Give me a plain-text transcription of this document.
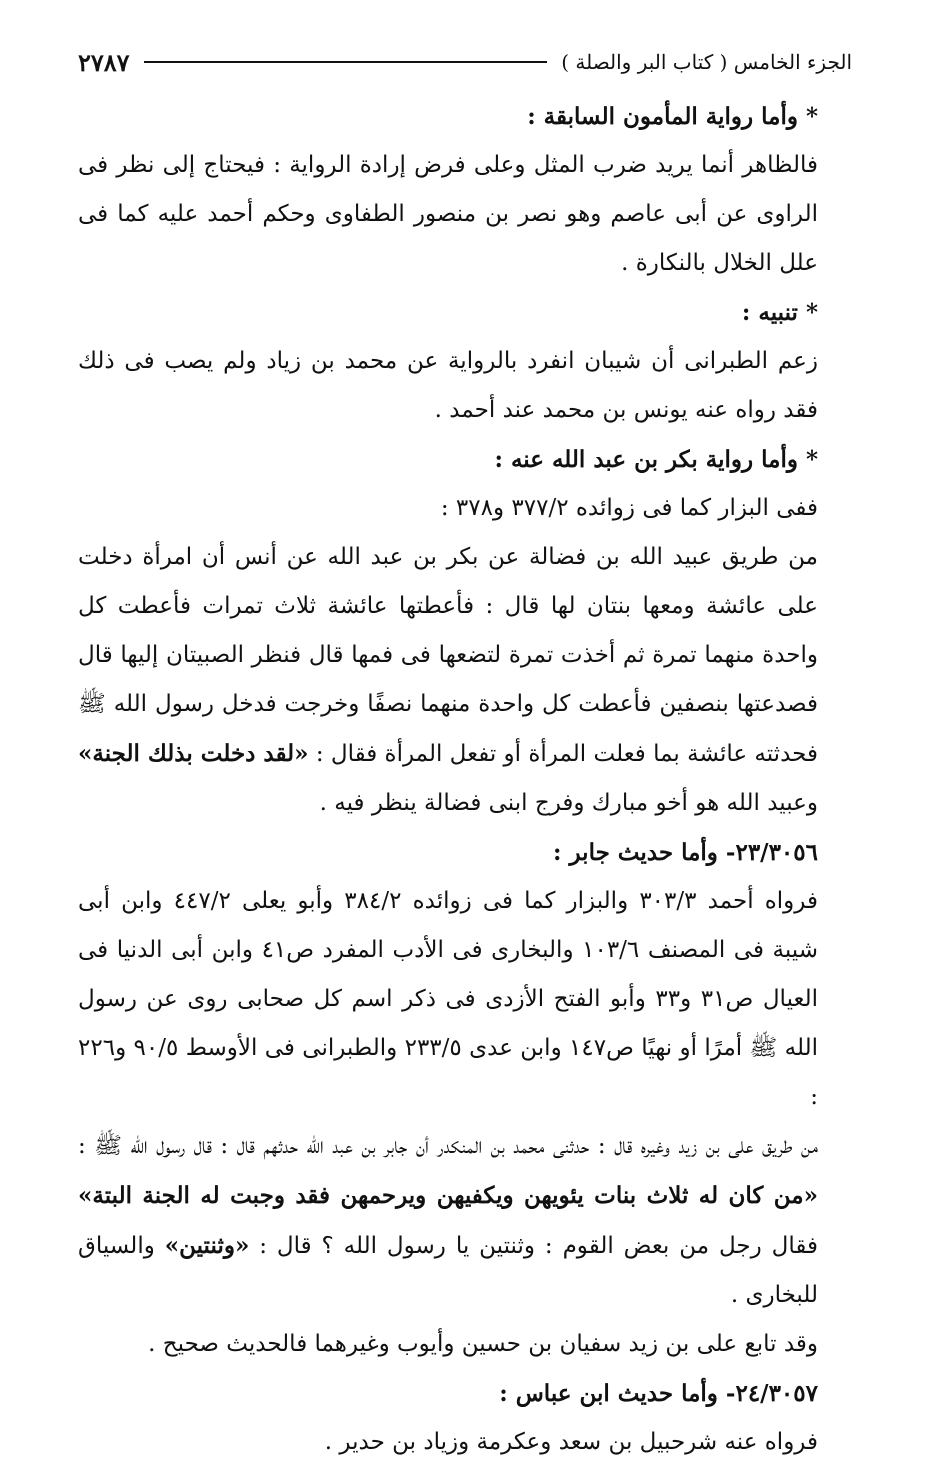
الجزء الخامس ( كتاب البر والصلة )
٢٧٨٧

* وأما رواية المأمون السابقة :

فالظاهر أنما يريد ضرب المثل وعلى فرض إرادة الرواية : فيحتاج إلى نظر فى الراوى عن أبى عاصم وهو نصر بن منصور الطفاوى وحكم أحمد عليه كما فى علل الخلال بالنكارة .

* تنبيه :

زعم الطبرانى أن شيبان انفرد بالرواية عن محمد بن زياد ولم يصب فى ذلك فقد رواه عنه يونس بن محمد عند أحمد .

* وأما رواية بكر بن عبد الله عنه :

ففى البزار كما فى زوائده ٣٧٧/٢ و٣٧٨ :

من طريق عبيد الله بن فضالة عن بكر بن عبد الله عن أنس أن امرأة دخلت على عائشة ومعها بنتان لها قال : فأعطتها عائشة ثلاث تمرات فأعطت كل واحدة منهما تمرة ثم أخذت تمرة لتضعها فى فمها قال فنظر الصبيتان إليها قال فصدعتها بنصفين فأعطت كل واحدة منهما نصفًا وخرجت فدخل رسول الله ﷺ فحدثته عائشة بما فعلت المرأة أو تفعل المرأة فقال : «لقد دخلت بذلك الجنة» وعبيد الله هو أخو مبارك وفرج ابنى فضالة ينظر فيه .

٢٣/٣٠٥٦- وأما حديث جابر :

فرواه أحمد ٣٠٣/٣ والبزار كما فى زوائده ٣٨٤/٢ وأبو يعلى ٤٤٧/٢ وابن أبى شيبة فى المصنف ١٠٣/٦ والبخارى فى الأدب المفرد ص٤١ وابن أبى الدنيا فى العيال ص٣١ و٣٣ وأبو الفتح الأزدى فى ذكر اسم كل صحابى روى عن رسول الله ﷺ أمرًا أو نهيًا ص١٤٧ وابن عدى ٢٣٣/٥ والطبرانى فى الأوسط ٩٠/٥ و٢٢٦ :

من طريق على بن زيد وغيره قال : حدثنى محمد بن المنكدر أن جابر بن عبد الله حدثهم قال : قال رسول الله ﷺ : «من كان له ثلاث بنات يئويهن ويكفيهن ويرحمهن فقد وجبت له الجنة البتة» فقال رجل من بعض القوم : وثنتين يا رسول الله ؟ قال : «وثنتين» والسياق للبخارى .

وقد تابع على بن زيد سفيان بن حسين وأيوب وغيرهما فالحديث صحيح .

٢٤/٣٠٥٧- وأما حديث ابن عباس :

فرواه عنه شرحبيل بن سعد وعكرمة وزياد بن حدير .
